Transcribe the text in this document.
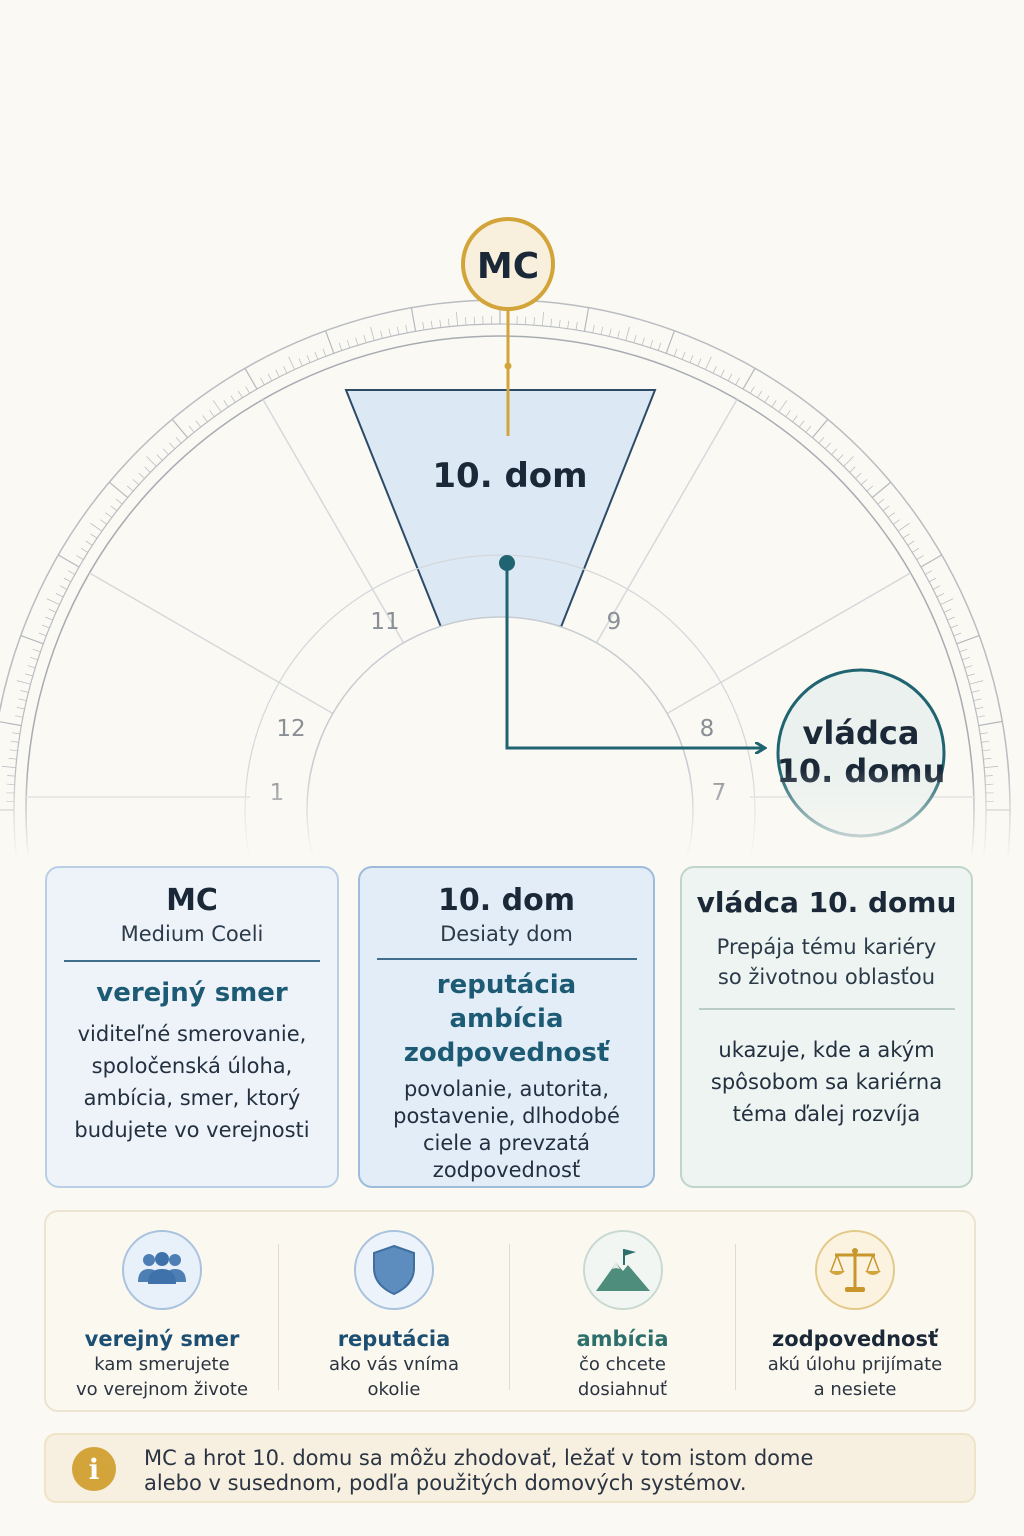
11	9
12	8
10. dom
MC
vládca
MC
Medium Coeli
verejný smer
viditeľné smerovanie,
spoločenská úloha,
ambícia, smer, ktorý
budujete vo verejnosti
10. dom
Desiaty dom
reputácia
ambícia
zodpovednosť
povolanie, autorita,
postavenie, dlhodobé
ciele a prevzatá
zodpovednosť
vládca 10. domu
Prepája tému kariéry
so životnou oblasťou
ukazuje, kde a akým
spôsobom sa kariérna
téma ďalej rozvíja
verejný smer
kam smerujete
vo verejnom živote
reputácia
ako vás vníma
okolie
ambícia
čo chcete
dosiahnuť
zodpovednosť
akú úlohu prijímate
a nesiete
i	MC a hrot 10. domu sa môžu zhodovať, ležať v tom istom dome
alebo v susednom, podľa použitých domových systémov.
